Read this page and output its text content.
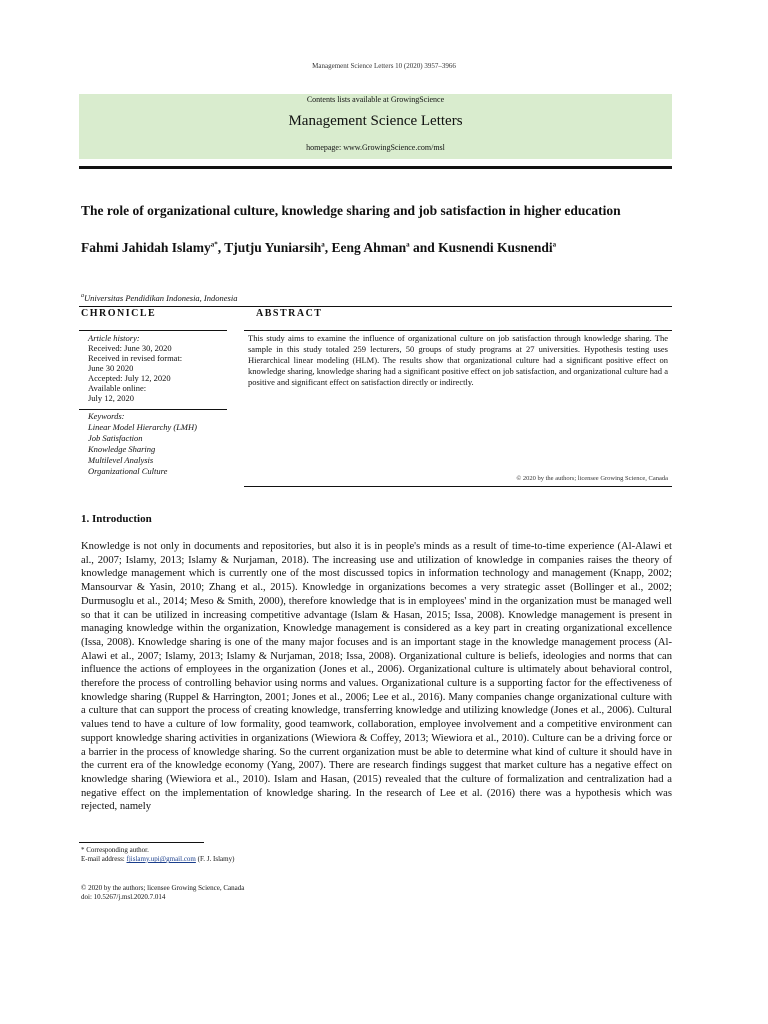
Management Science Letters 10 (2020) 3957–3966
Contents lists available at GrowingScience
Management Science Letters
homepage: www.GrowingScience.com/msl
The role of organizational culture, knowledge sharing and job satisfaction in higher education
Fahmi Jahidah Islamy$^{a*}$, Tjutju Yuniarsih$^a$, Eeng Ahman$^a$ and Kusnendi Kusnendi$^a$
$^a$Universitas Pendidikan Indonesia, Indonesia
CHRONICLE	ABSTRACT
Article history:
Received: June 30, 2020
Received in revised format:
June 30 2020
Accepted: July 12, 2020
Available online:
July 12, 2020
Keywords:
Linear Model Hierarchy (LMH)
Job Satisfaction
Knowledge Sharing
Multilevel Analysis
Organizational Culture
This study aims to examine the influence of organizational culture on job satisfaction through knowledge sharing. The sample in this study totaled 259 lecturers, 50 groups of study programs at 27 universities. Hypothesis testing uses Hierarchical linear modeling (HLM). The results show that organizational culture had a significant positive effect on knowledge sharing, knowledge sharing had a significant positive effect on job satisfaction, and organizational culture had a positive and significant effect on satisfaction directly or indirectly.
© 2020 by the authors; licensee Growing Science, Canada
1. Introduction
Knowledge is not only in documents and repositories, but also it is in people's minds as a result of time-to-time experience (Al-Alawi et al., 2007; Islamy, 2013; Islamy & Nurjaman, 2018). The increasing use and utilization of knowledge in companies raises the theory of knowledge management which is currently one of the most discussed topics in information technology and management (Knapp, 2002; Mansourvar & Yasin, 2010; Zhang et al., 2015). Knowledge in organizations becomes a very strategic asset (Bollinger et al., 2002; Durmusoglu et al., 2014; Meso & Smith, 2000), therefore knowledge that is in employees' mind in the organization must be managed well so that it can be utilized in increasing competitive advantage (Islam & Hasan, 2015; Issa, 2008). Knowledge management is present in managing knowledge within the organization, Knowledge management is considered as a key part in creating organizational excellence (Issa, 2008). Knowledge sharing is one of the many major focuses and is an important stage in the knowledge management process (Al-Alawi et al., 2007; Islamy, 2013; Islamy & Nurjaman, 2018; Issa, 2008). Organizational culture is beliefs, ideologies and norms that can influence the actions of employees in the organization (Jones et al., 2006). Organizational culture is ultimately about behavioral control, therefore the process of controlling behavior using norms and values. Organizational culture is a supporting factor for the effectiveness of knowledge sharing (Ruppel & Harrington, 2001; Jones et al., 2006; Lee et al., 2016). Many companies change organizational culture with a culture that can support the process of creating knowledge, transferring knowledge and utilizing knowledge (Jones et al., 2006). Cultural values tend to have a culture of low formality, good teamwork, collaboration, employee involvement and a competitive environment can support knowledge sharing activities in organizations (Wiewiora & Coffey, 2013; Wiewiora et al., 2010). Culture can be a driving force or a barrier in the process of knowledge sharing. So the current organization must be able to determine what kind of culture it should have in the current era of the knowledge economy (Yang, 2007). There are research findings suggest that market culture has a negative effect on knowledge sharing (Wiewiora et al., 2010). Islam and Hasan, (2015) revealed that the culture of formalization and centralization had a negative effect on the implementation of knowledge sharing. In the research of Lee et al. (2016) there was a hypothesis which was rejected, namely
* Corresponding author.
E-mail address: fjislamy.upi@gmail.com (F. J. Islamy)
© 2020 by the authors; licensee Growing Science, Canada
doi: 10.5267/j.msl.2020.7.014
